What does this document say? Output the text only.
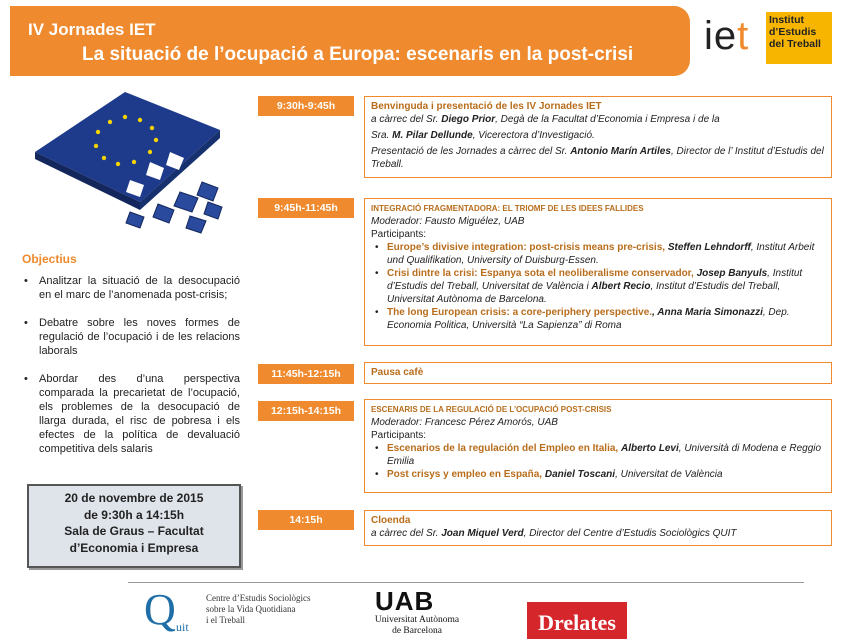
IV Jornades IET
La situació de l’ocupació a Europa: escenaris en la post-crisi iet Institut
d’Estudis
del Treball
Objectius
• Analitzar la situació de la desocupació en el marc de l’anomenada post-crisis;
• Debatre sobre les noves formes de regulació de l’ocupació i de les relacions laborals
• Abordar des d’una perspectiva comparada la precarietat de l’ocupació, els problemes de la desocupació de llarga durada, el risc de pobresa i els efectes de la política de devaluació competitiva dels salaris
20 de novembre de 2015
de 9:30h a 14:15h
Sala de Graus – Facultat
d’Economia i Empresa
9:30h-9:45h	Benvinguda i presentació de les IV Jornades IET
a càrrec del Sr. Diego Prior, Degà de la Facultat d’Economia i Empresa i de la
Sra. M. Pilar Dellunde, Vicerectora d’Investigació.
Presentació de les Jornades a càrrec del Sr. Antonio Marín Artiles, Director de l’ Institut d’Estudis del Treball.
9:45h-11:45h	INTEGRACIÓ FRAGMENTADORA: EL TRIOMF DE LES IDEES FALLIDES
Moderador: Fausto Miguélez, UAB
Participants:
• Europe’s divisive integration: post-crisis means pre-crisis, Steffen Lehndorff, Institut Arbeit und Qualifikation, University of Duisburg-Essen.
• Crisi dintre la crisi: Espanya sota el neoliberalisme conservador, Josep Banyuls, Institut d’Estudis del Treball, Universitat de València i Albert Recio, Institut d’Estudis del Treball, Universitat Autònoma de Barcelona.
• The long European crisis: a core-periphery perspective., Anna Maria Simonazzi, Dep. Economia Politica, Università “La Sapienza” di Roma
11:45h-12:15h	Pausa cafè
12:15h-14:15h	ESCENARIS DE LA REGULACIÓ DE L’OCUPACIÓ POST-CRISIS
Moderador: Francesc Pérez Amorós, UAB
Participants:
• Escenarios de la regulación del Empleo en Italia, Alberto Levi, Università di Modena e Reggio Emilia
• Post crisys y empleo en España, Daniel Toscani, Universitat de València
14:15h	Cloenda
a càrrec del Sr. Joan Miquel Verd, Director del Centre d’Estudis Sociològics QUIT
Q uit
Centre d’Estudis Sociològics
sobre la Vida Quotidiana
i el Treball
UAB
Universitat Autònoma
de Barcelona	Drelates
